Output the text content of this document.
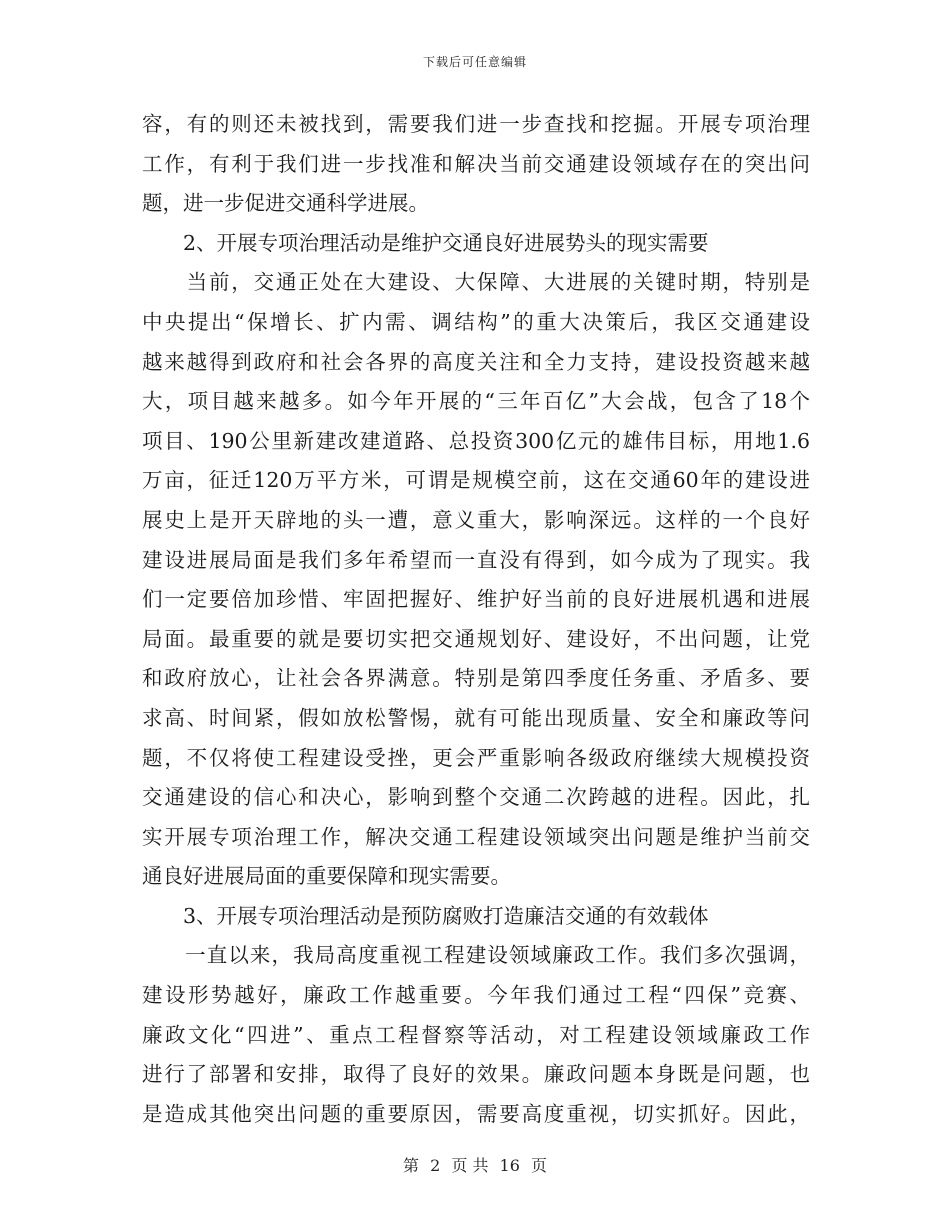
下载后可任意编辑
容，有的则还未被找到，需要我们进一步查找和挖掘。开展专项治理
工作，有利于我们进一步找准和解决当前交通建设领域存在的突出问
题，进一步促进交通科学进展。
　　2、开展专项治理活动是维护交通良好进展势头的现实需要
　　当前，交通正处在大建设、大保障、大进展的关键时期，特别是
中央提出“保增长、扩内需、调结构”的重大决策后，我区交通建设
越来越得到政府和社会各界的高度关注和全力支持，建设投资越来越
大，项目越来越多。如今年开展的“三年百亿”大会战，包含了18个
项目、190公里新建改建道路、总投资300亿元的雄伟目标，用地1.6
万亩，征迁120万平方米，可谓是规模空前，这在交通60年的建设进
展史上是开天辟地的头一遭，意义重大，影响深远。这样的一个良好
建设进展局面是我们多年希望而一直没有得到，如今成为了现实。我
们一定要倍加珍惜、牢固把握好、维护好当前的良好进展机遇和进展
局面。最重要的就是要切实把交通规划好、建设好，不出问题，让党
和政府放心，让社会各界满意。特别是第四季度任务重、矛盾多、要
求高、时间紧，假如放松警惕，就有可能出现质量、安全和廉政等问
题，不仅将使工程建设受挫，更会严重影响各级政府继续大规模投资
交通建设的信心和决心，影响到整个交通二次跨越的进程。因此，扎
实开展专项治理工作，解决交通工程建设领域突出问题是维护当前交
通良好进展局面的重要保障和现实需要。
　　3、开展专项治理活动是预防腐败打造廉洁交通的有效载体
　　一直以来，我局高度重视工程建设领域廉政工作。我们多次强调，
建设形势越好，廉政工作越重要。今年我们通过工程“四保”竞赛、
廉政文化“四进”、重点工程督察等活动，对工程建设领域廉政工作
进行了部署和安排，取得了良好的效果。廉政问题本身既是问题，也
是造成其他突出问题的重要原因，需要高度重视，切实抓好。因此，
第 2 页 共 16 页
